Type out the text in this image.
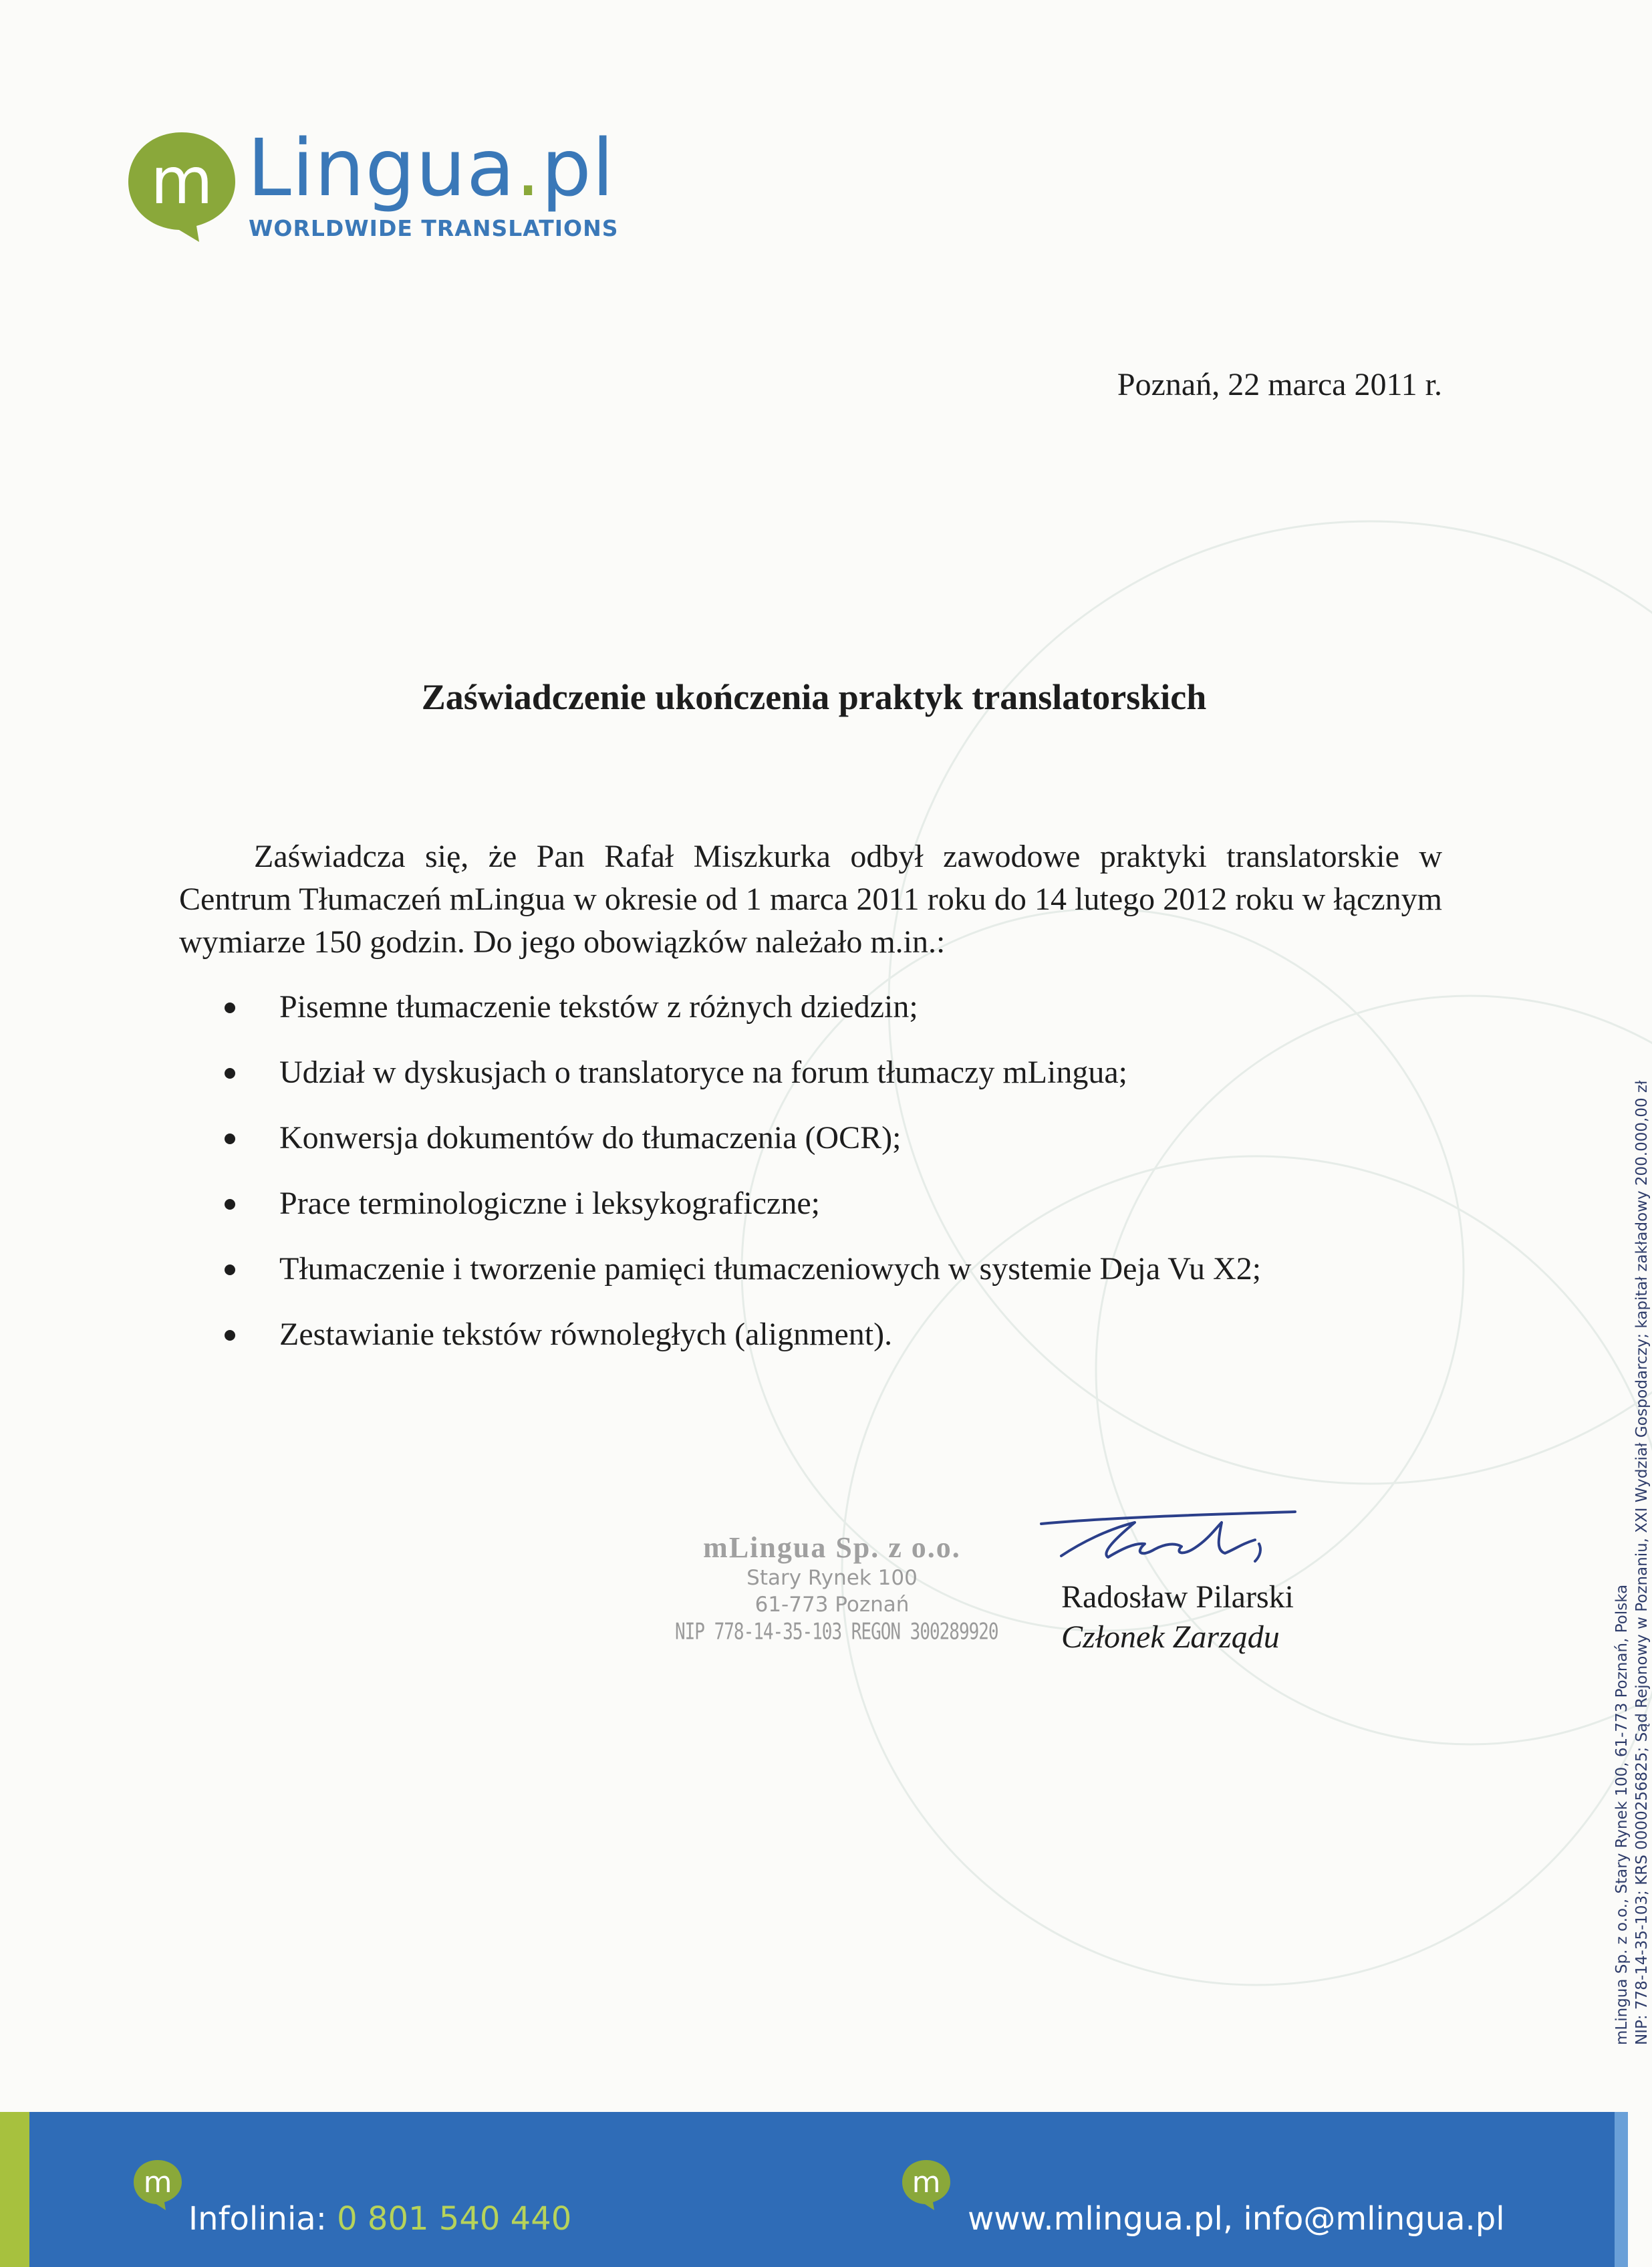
m Lingua.pl
WORLDWIDE TRANSLATIONS
Poznań, 22 marca 2011 r.
Zaświadczenie ukończenia praktyk translatorskich
Zaświadcza się, że Pan Rafał Miszkurka odbył zawodowe praktyki translatorskie w Centrum Tłumaczeń mLingua w okresie od 1 marca 2011 roku do 14 lutego 2012 roku w łącznym wymiarze 150 godzin. Do jego obowiązków należało m.in.:
Pisemne tłumaczenie tekstów z różnych dziedzin;
Udział w dyskusjach o translatoryce na forum tłumaczy mLingua;
Konwersja dokumentów do tłumaczenia (OCR);
Prace terminologiczne i leksykograficzne;
Tłumaczenie i tworzenie pamięci tłumaczeniowych w systemie Deja Vu X2;
Zestawianie tekstów równoległych (alignment).
mLingua Sp. z o.o.
Stary Rynek 100
61-773 Poznań
NIP 778-14-35-103 REGON 300289920
Radosław Pilarski
Członek Zarządu	mLingua Sp. z o.o., Stary Rynek 100, 61-773 Poznań, Polska NIP: 778-14-35-103; KRS 0000256825; Sąd Rejonowy w Poznaniu, XXI Wydział Gospodarczy; kapitał zakładowy 200.000,00 zł
m
Infolinia: 0 801 540 440
m
www.mlingua.pl, info@mlingua.pl
